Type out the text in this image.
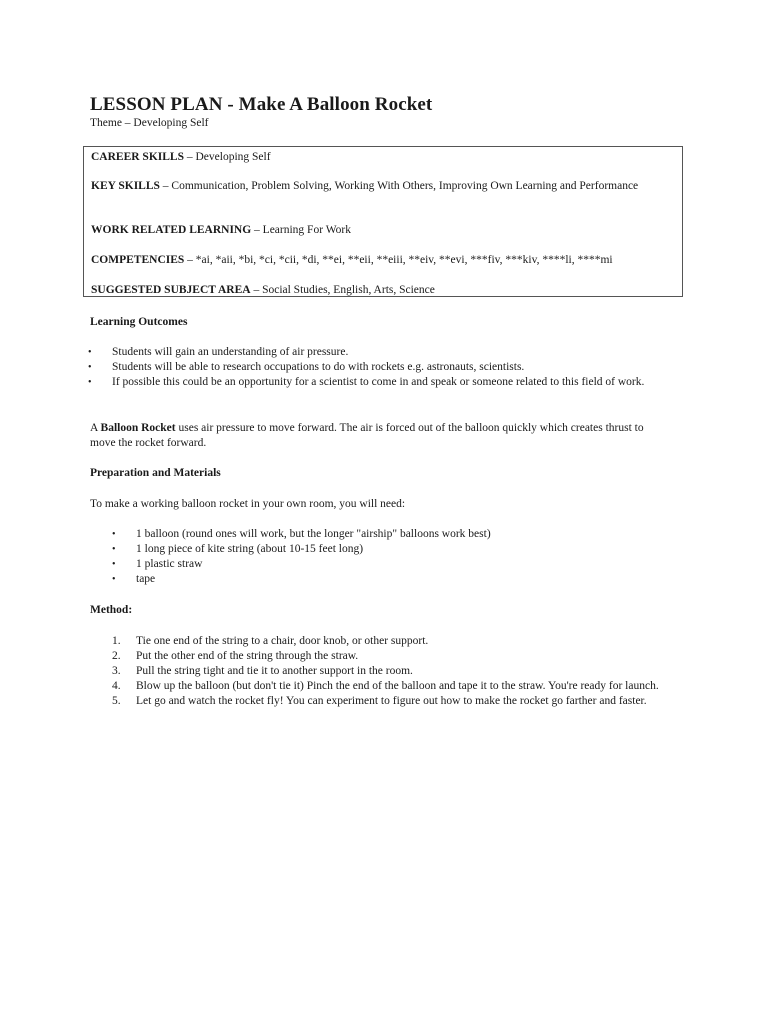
LESSON PLAN - Make A Balloon Rocket
Theme – Developing Self
CAREER SKILLS – Developing Self
KEY SKILLS – Communication, Problem Solving, Working With Others, Improving Own Learning and Performance
WORK RELATED LEARNING – Learning For Work
COMPETENCIES – *ai, *aii, *bi, *ci, *cii, *di, **ei, **eii, **eiii, **eiv, **evi, ***fiv, ***kiv, ****li, ****mi
SUGGESTED SUBJECT AREA – Social Studies, English, Arts, Science
Learning Outcomes
• Students will gain an understanding of air pressure.
• Students will be able to research occupations to do with rockets e.g. astronauts, scientists.
• If possible this could be an opportunity for a scientist to come in and speak or someone related to this field of work.
A Balloon Rocket uses air pressure to move forward. The air is forced out of the balloon quickly which creates thrust to move the rocket forward.
Preparation and Materials
To make a working balloon rocket in your own room, you will need:
• 1 balloon (round ones will work, but the longer "airship" balloons work best)
• 1 long piece of kite string (about 10-15 feet long)
• 1 plastic straw
• tape
Method:
1. Tie one end of the string to a chair, door knob, or other support.
2. Put the other end of the string through the straw.
3. Pull the string tight and tie it to another support in the room.
4. Blow up the balloon (but don't tie it) Pinch the end of the balloon and tape it to the straw. You're ready for launch.
5. Let go and watch the rocket fly! You can experiment to figure out how to make the rocket go farther and faster.
